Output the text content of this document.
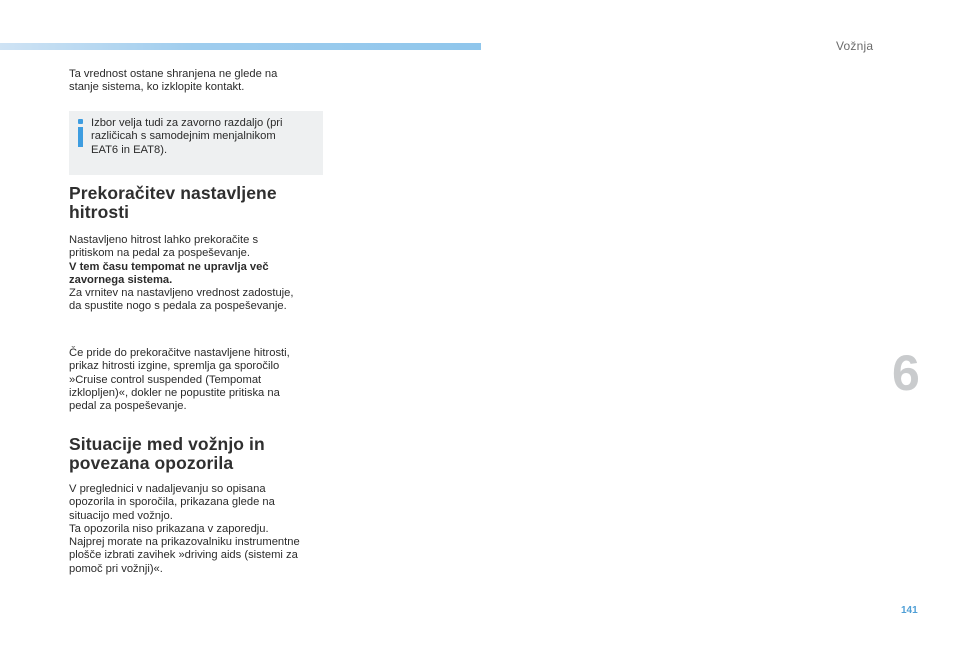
Vožnja
6
141

Ta vrednost ostane shranjena ne glede na
stanje sistema, ko izklopite kontakt.

Izbor velja tudi za zavorno razdaljo (pri
različicah s samodejnim menjalnikom
EAT6 in EAT8).
Prekoračitev nastavljene
hitrosti

Nastavljeno hitrost lahko prekoračite s
pritiskom na pedal za pospeševanje.
V tem času tempomat ne upravlja več
zavornega sistema.
Za vrnitev na nastavljeno vrednost zadostuje,
da spustite nogo s pedala za pospeševanje.

Če pride do prekoračitve nastavljene hitrosti,
prikaz hitrosti izgine, spremlja ga sporočilo
»Cruise control suspended (Tempomat
izklopljen)«, dokler ne popustite pritiska na
pedal za pospeševanje.

Situacije med vožnjo in
povezana opozorila

V preglednici v nadaljevanju so opisana
opozorila in sporočila, prikazana glede na
situacijo med vožnjo.
Ta opozorila niso prikazana v zaporedju.
Najprej morate na prikazovalniku instrumentne
plošče izbrati zavihek »driving aids (sistemi za
pomoč pri vožnji)«.
